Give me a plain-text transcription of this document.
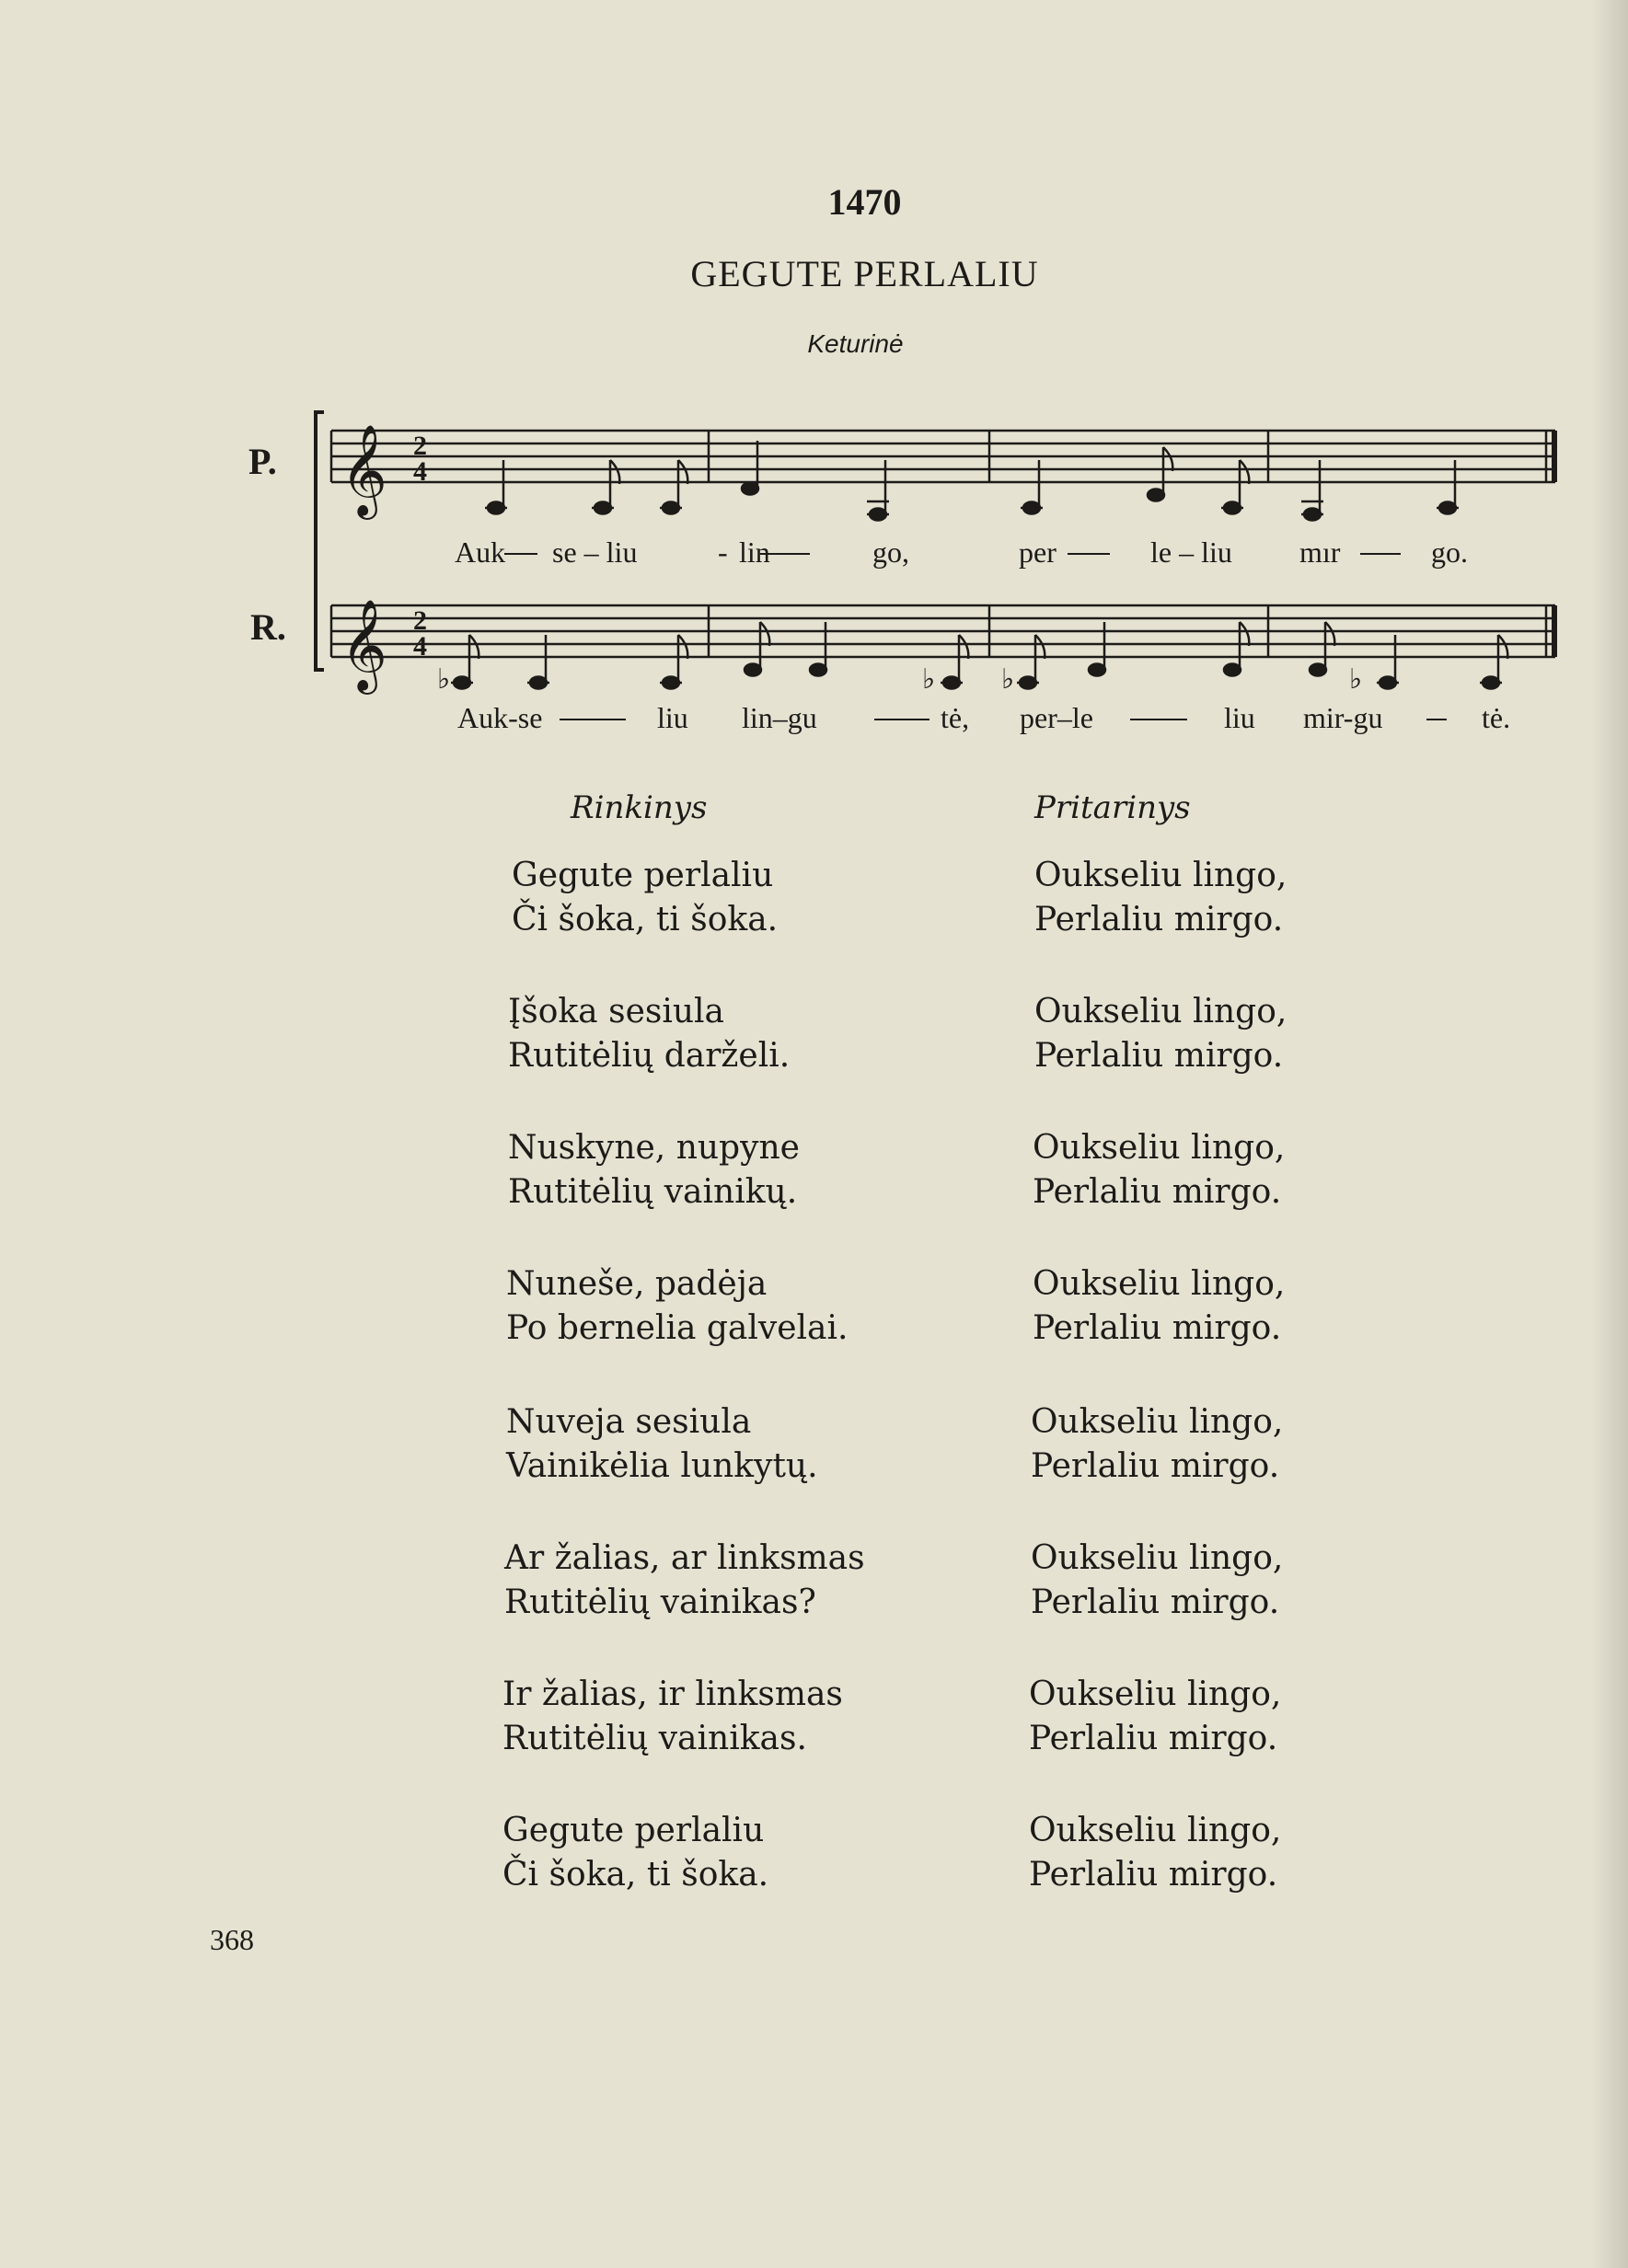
1470
GEGUTE PERLALIU
Keturinė
P.
R.
𝄞
𝄞
2
4
2
4
♭	♭ ♭	♭
Auk se – liu	- lin	go,	per	le – liu mır	go.
Auk-se	liu lin–gu	tė, per–le	liu mir-gu	tė.
Rinkinys	Pritarinys
Gegute perlaliu
Či šoka, ti šoka.
Oukseliu lingo,
Perlaliu mirgo.
Įšoka sesiula
Rutitėlių darželi.
Oukseliu lingo,
Perlaliu mirgo.
Nuskyne, nupyne
Rutitėlių vainikų.
Oukseliu lingo,
Perlaliu mirgo.
Nuneše, padėja
Po bernelia galvelai.
Oukseliu lingo,
Perlaliu mirgo.
Nuveja sesiula
Vainikėlia lunkytų.
Oukseliu lingo,
Perlaliu mirgo.
Ar žalias, ar linksmas
Rutitėlių vainikas?
Oukseliu lingo,
Perlaliu mirgo.
Ir žalias, ir linksmas
Rutitėlių vainikas.
Oukseliu lingo,
Perlaliu mirgo.
Gegute perlaliu
Či šoka, ti šoka.
Oukseliu lingo,
Perlaliu mirgo.
368
